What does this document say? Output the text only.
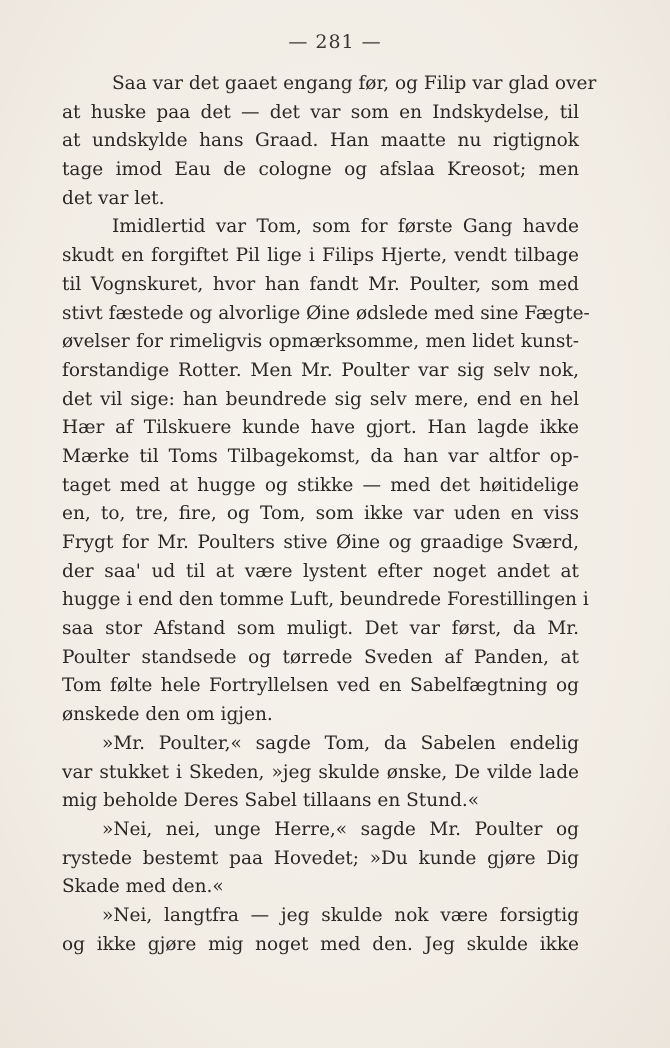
— 281 —
Saa var det gaaet engang før, og Filip var glad over
at huske paa det — det var som en Indskydelse, til
at undskylde hans Graad. Han maatte nu rigtignok
tage imod Eau de cologne og afslaa Kreosot; men
det var let.
Imidlertid var Tom, som for første Gang havde
skudt en forgiftet Pil lige i Filips Hjerte, vendt tilbage
til Vognskuret, hvor han fandt Mr. Poulter, som med
stivt fæstede og alvorlige Øine ødslede med sine Fægte-
øvelser for rimeligvis opmærksomme, men lidet kunst-
forstandige Rotter. Men Mr. Poulter var sig selv nok,
det vil sige: han beundrede sig selv mere, end en hel
Hær af Tilskuere kunde have gjort. Han lagde ikke
Mærke til Toms Tilbagekomst, da han var altfor op-
taget med at hugge og stikke — med det høitidelige
en, to, tre, fire, og Tom, som ikke var uden en viss
Frygt for Mr. Poulters stive Øine og graadige Sværd,
der saa' ud til at være lystent efter noget andet at
hugge i end den tomme Luft, beundrede Forestillingen i
saa stor Afstand som muligt. Det var først, da Mr.
Poulter standsede og tørrede Sveden af Panden, at
Tom følte hele Fortryllelsen ved en Sabelfægtning og
ønskede den om igjen.
»Mr. Poulter,« sagde Tom, da Sabelen endelig
var stukket i Skeden, »jeg skulde ønske, De vilde lade
mig beholde Deres Sabel tillaans en Stund.«
»Nei, nei, unge Herre,« sagde Mr. Poulter og
rystede bestemt paa Hovedet; »Du kunde gjøre Dig
Skade med den.«
»Nei, langtfra — jeg skulde nok være forsigtig
og ikke gjøre mig noget med den. Jeg skulde ikke
